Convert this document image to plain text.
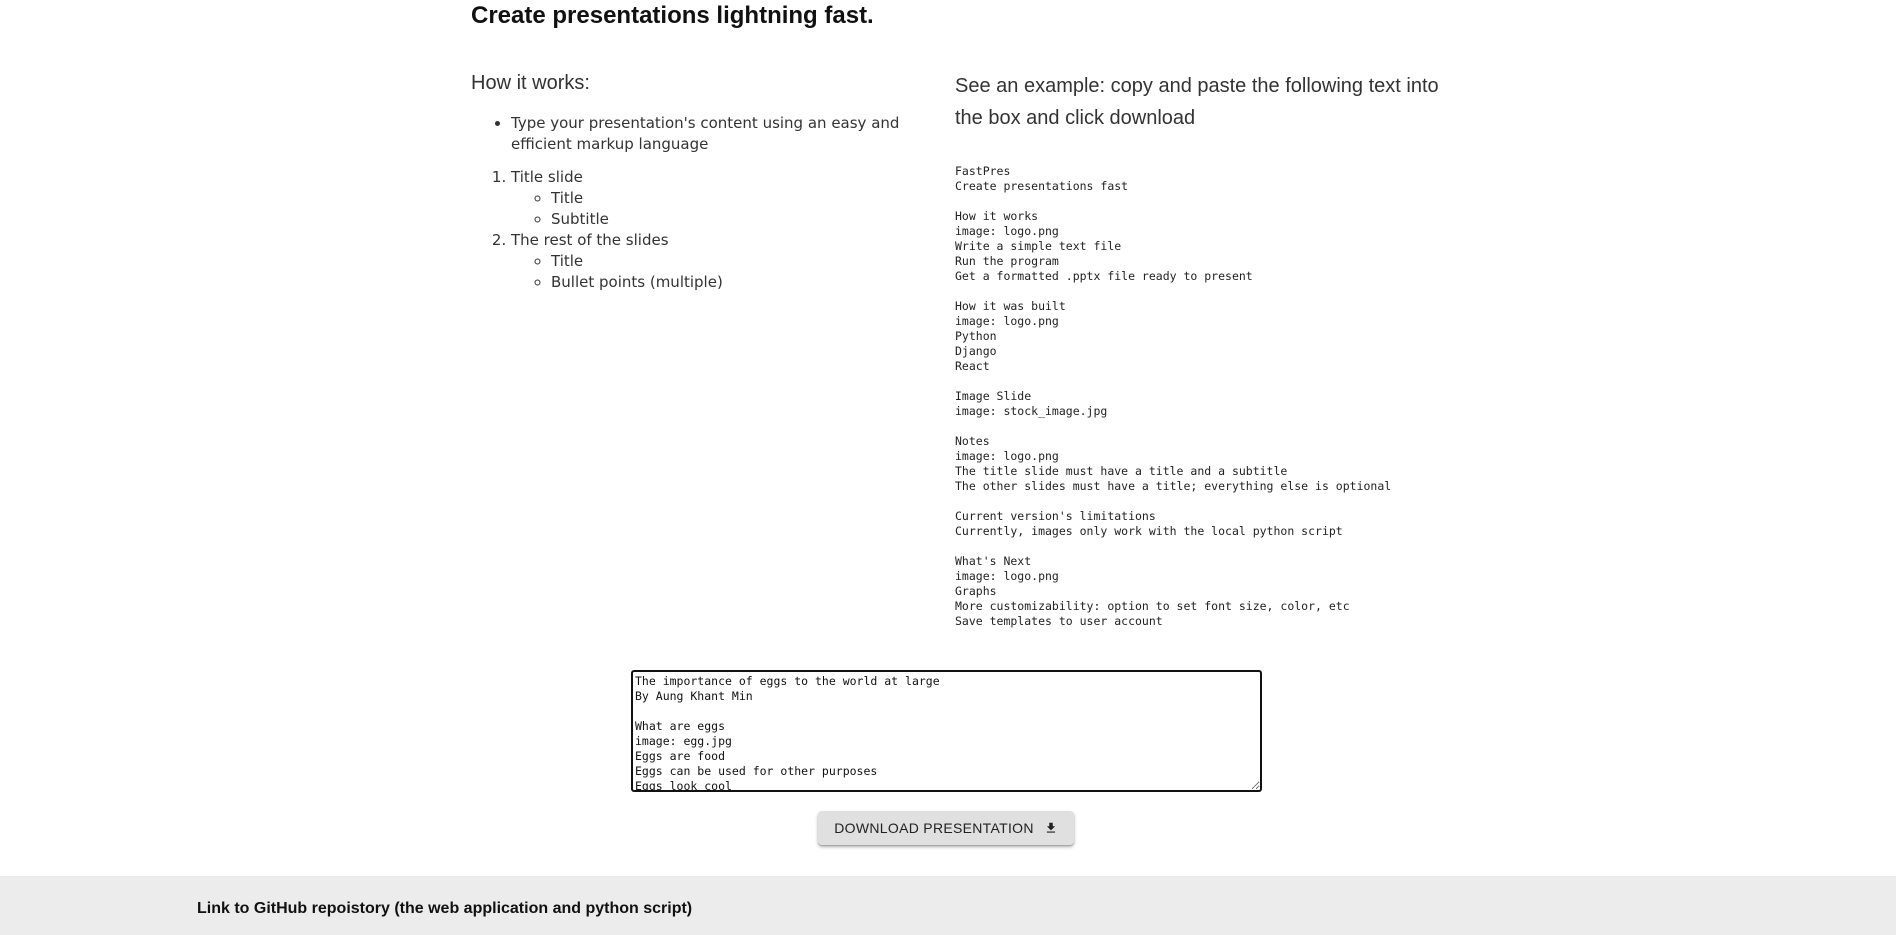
Create presentations lightning fast.
How it works:
• Type your presentation's content using an easy and efficient markup language
1. Title slide
◦ Title
◦ Subtitle
2. The rest of the slides
◦ Title
◦ Bullet points (multiple)
See an example: copy and paste the following text into the box and click download
FastPres
Create presentations fast

How it works
image: logo.png
Write a simple text file
Run the program
Get a formatted .pptx file ready to present

How it was built
image: logo.png
Python
Django
React

Image Slide
image: stock_image.jpg

Notes
image: logo.png
The title slide must have a title and a subtitle
The other slides must have a title; everything else is optional

Current version's limitations
Currently, images only work with the local python script

What's Next
image: logo.png
Graphs
More customizability: option to set font size, color, etc
Save templates to user account
The importance of eggs to the world at large By Aung Khant Min What are eggs image: egg.jpg Eggs are food Eggs can be used for other purposes Eggs look cool
DOWNLOAD PRESENTATION
Link to GitHub repoistory (the web application and python script)
